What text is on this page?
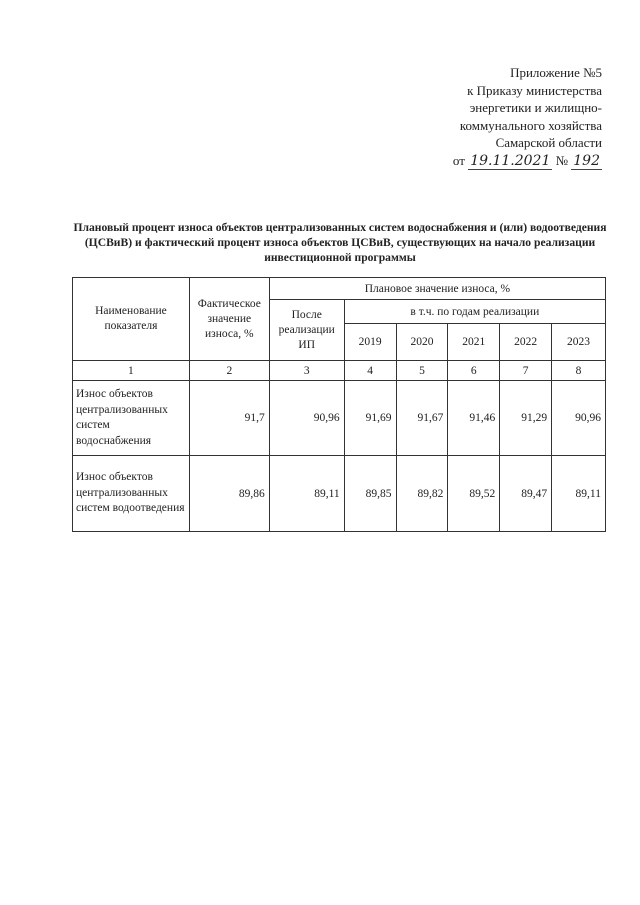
Приложение №5
к Приказу министерства
энергетики и жилищно-
коммунального хозяйства
Самарской области
от 19.11.2021 № 192
Плановый процент износа объектов централизованных систем водоснабжения и (или) водоотведения (ЦСВиВ) и фактический процент износа объектов ЦСВиВ, существующих на начало реализации инвестиционной программы
Наименование показателя	Фактическое значение износа, %	Плановое значение износа, %					
		После реализации ИП	в т.ч. по годам реализации				
			2019	2020	2021	2022	2023
1	2	3	4	5	6	7	8
Износ объектов централизованных систем водоснабжения	91,7	90,96	91,69	91,67	91,46	91,29	90,96
Износ объектов централизованных систем водоотведения	89,86	89,11	89,85	89,82	89,52	89,47	89,11
